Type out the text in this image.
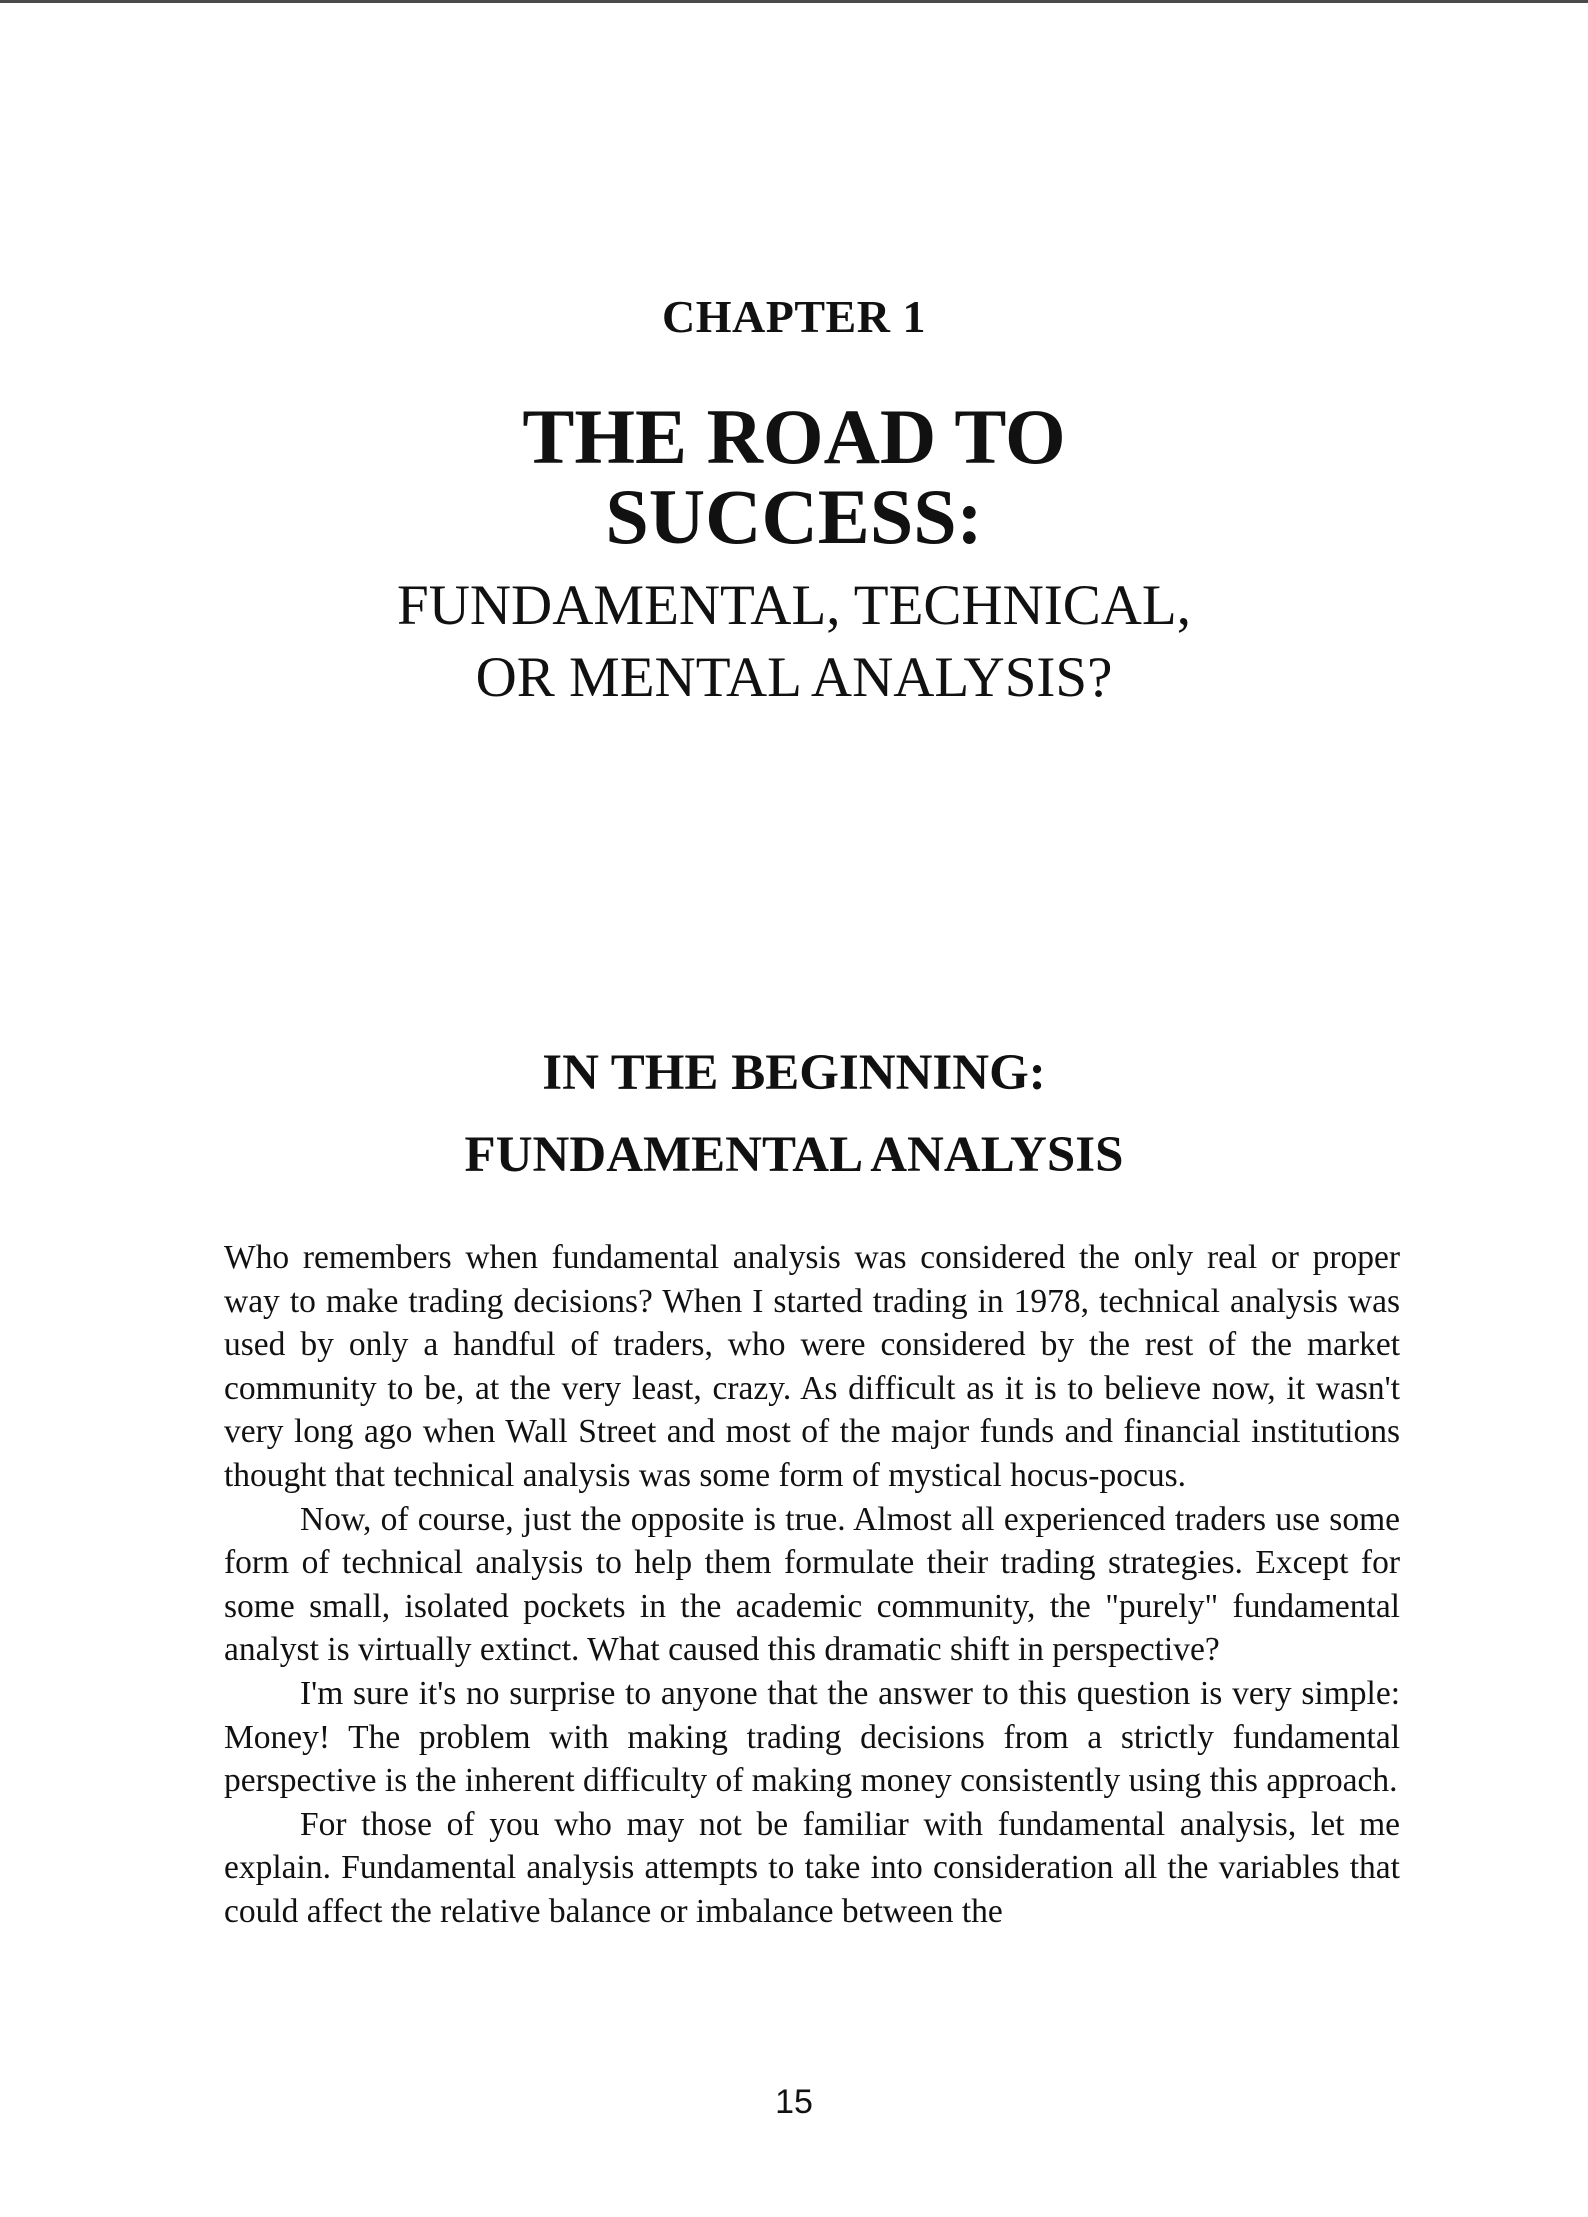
CHAPTER 1
THE ROAD TO
SUCCESS:
FUNDAMENTAL, TECHNICAL,
OR MENTAL ANALYSIS?
IN THE BEGINNING:
FUNDAMENTAL ANALYSIS

Who remembers when fundamental analysis was considered the only real or proper way to make trading decisions? When I started trading in 1978, technical analysis was used by only a handful of traders, who were considered by the rest of the market community to be, at the very least, crazy. As difficult as it is to believe now, it wasn't very long ago when Wall Street and most of the major funds and financial institutions thought that technical analysis was some form of mystical hocus-pocus.

Now, of course, just the opposite is true. Almost all experienced traders use some form of technical analysis to help them formulate their trading strategies. Except for some small, isolated pockets in the academic community, the "purely" fundamental analyst is virtually extinct. What caused this dramatic shift in perspective?

I'm sure it's no surprise to anyone that the answer to this question is very simple: Money! The problem with making trading decisions from a strictly fundamental perspective is the inherent difficulty of making money consistently using this approach.

For those of you who may not be familiar with fundamental analysis, let me explain. Fundamental analysis attempts to take into consideration all the variables that could affect the relative balance or imbalance between the

15
